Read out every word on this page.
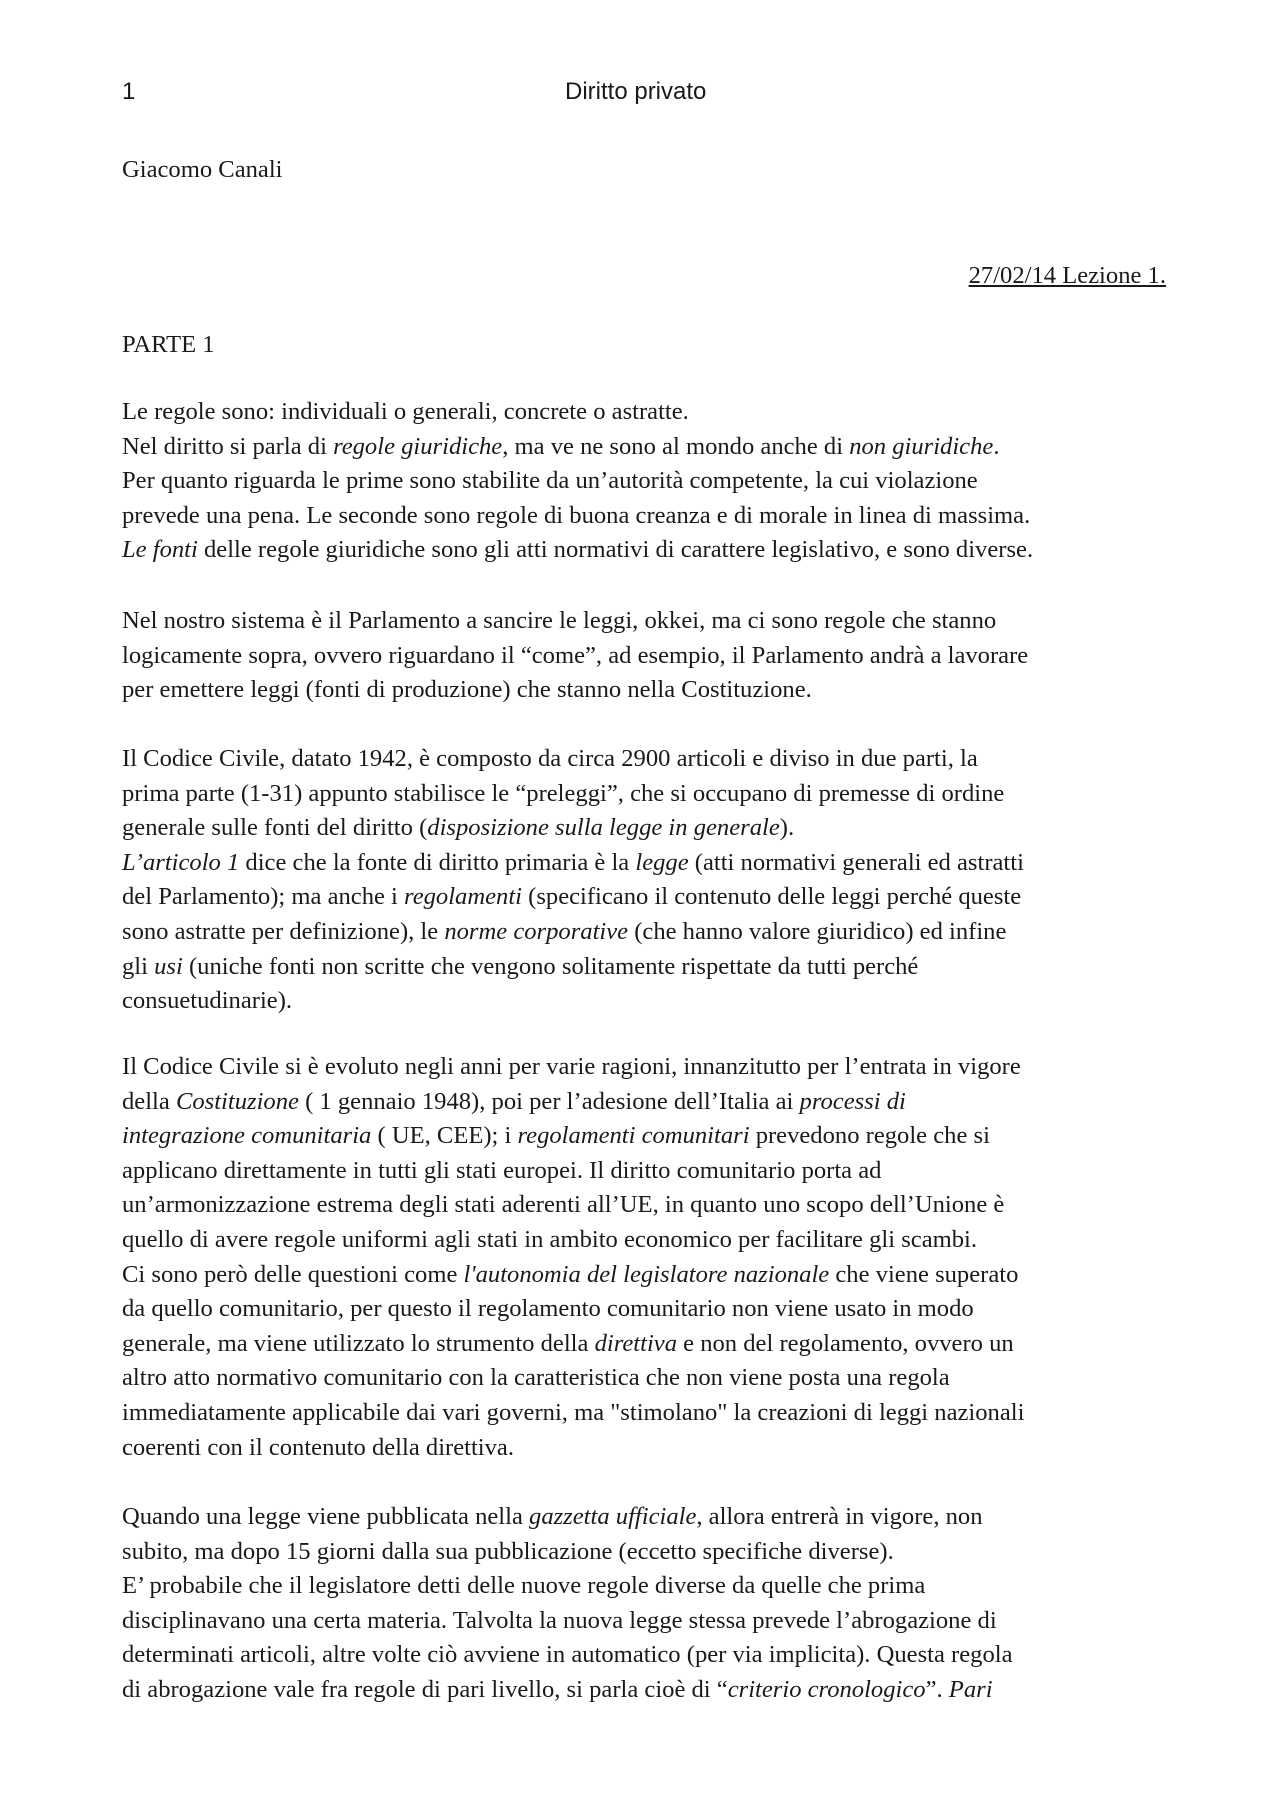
1	Diritto privato

Giacomo Canali

27/02/14 Lezione 1.

PARTE 1

Le regole sono: individuali o generali, concrete o astratte.

Nel diritto si parla di regole giuridiche, ma ve ne sono al mondo anche di non giuridiche.

Per quanto riguarda le prime sono stabilite da un’autorità competente, la cui violazione

prevede una pena. Le seconde sono regole di buona creanza e di morale in linea di massima.

Le fonti delle regole giuridiche sono gli atti normativi di carattere legislativo, e sono diverse.

Nel nostro sistema è il Parlamento a sancire le leggi, okkei, ma ci sono regole che stanno

logicamente sopra, ovvero riguardano il “come”, ad esempio, il Parlamento andrà a lavorare

per emettere leggi (fonti di produzione) che stanno nella Costituzione.

Il Codice Civile, datato 1942, è composto da circa 2900 articoli e diviso in due parti, la

prima parte (1-31) appunto stabilisce le “preleggi”, che si occupano di premesse di ordine

generale sulle fonti del diritto (disposizione sulla legge in generale).

L’articolo 1 dice che la fonte di diritto primaria è la legge (atti normativi generali ed astratti

del Parlamento); ma anche i regolamenti (specificano il contenuto delle leggi perché queste

sono astratte per definizione), le norme corporative (che hanno valore giuridico) ed infine

gli usi (uniche fonti non scritte che vengono solitamente rispettate da tutti perché

consuetudinarie).

Il Codice Civile si è evoluto negli anni per varie ragioni, innanzitutto per l’entrata in vigore

della Costituzione ( 1 gennaio 1948), poi per l’adesione dell’Italia ai processi di

integrazione comunitaria ( UE, CEE); i regolamenti comunitari prevedono regole che si

applicano direttamente in tutti gli stati europei. Il diritto comunitario porta ad

un’armonizzazione estrema degli stati aderenti all’UE, in quanto uno scopo dell’Unione è

quello di avere regole uniformi agli stati in ambito economico per facilitare gli scambi.

Ci sono però delle questioni come l'autonomia del legislatore nazionale che viene superato

da quello comunitario, per questo il regolamento comunitario non viene usato in modo

generale, ma viene utilizzato lo strumento della direttiva e non del regolamento, ovvero un

altro atto normativo comunitario con la caratteristica che non viene posta una regola

immediatamente applicabile dai vari governi, ma "stimolano" la creazioni di leggi nazionali

coerenti con il contenuto della direttiva.

Quando una legge viene pubblicata nella gazzetta ufficiale, allora entrerà in vigore, non

subito, ma dopo 15 giorni dalla sua pubblicazione (eccetto specifiche diverse).

E’ probabile che il legislatore detti delle nuove regole diverse da quelle che prima

disciplinavano una certa materia. Talvolta la nuova legge stessa prevede l’abrogazione di

determinati articoli, altre volte ciò avviene in automatico (per via implicita). Questa regola

di abrogazione vale fra regole di pari livello, si parla cioè di “criterio cronologico”. Pari
